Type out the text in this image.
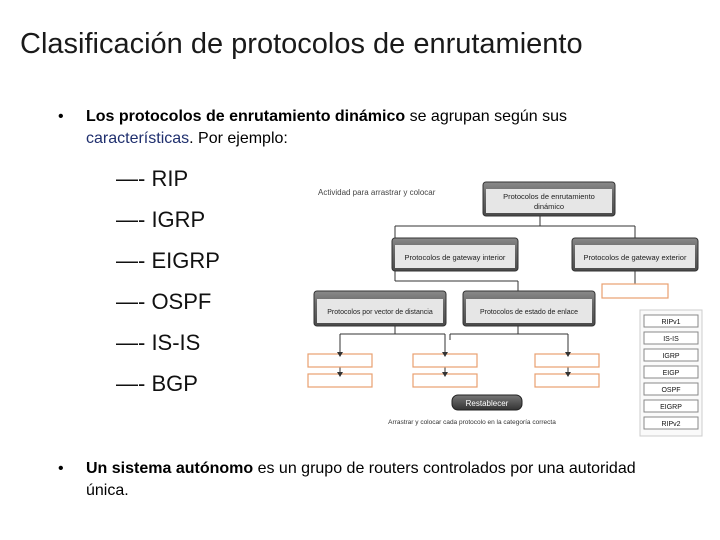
Clasificación de protocolos de enrutamiento
• Los protocolos de enrutamiento dinámico se agrupan según sus
características. Por ejemplo:
—- RIP
—- IGRP
—- EIGRP
—- OSPF
—- IS-IS
—- BGP
Actividad para arrastrar y colocar	Protocolos de enrutamiento
dinámico
Protocolos de gateway interior	Protocolos de gateway exterior
Protocolos por vector de distancia	Protocolos de estado de enlace
Restablecer
Arrastrar y colocar cada protocolo en la categoría correcta
RIPv1
IS-IS
IGRP
EIGP
OSPF
EIGRP
RIPv2
• Un sistema autónomo es un grupo de routers controlados por una autoridad única.
